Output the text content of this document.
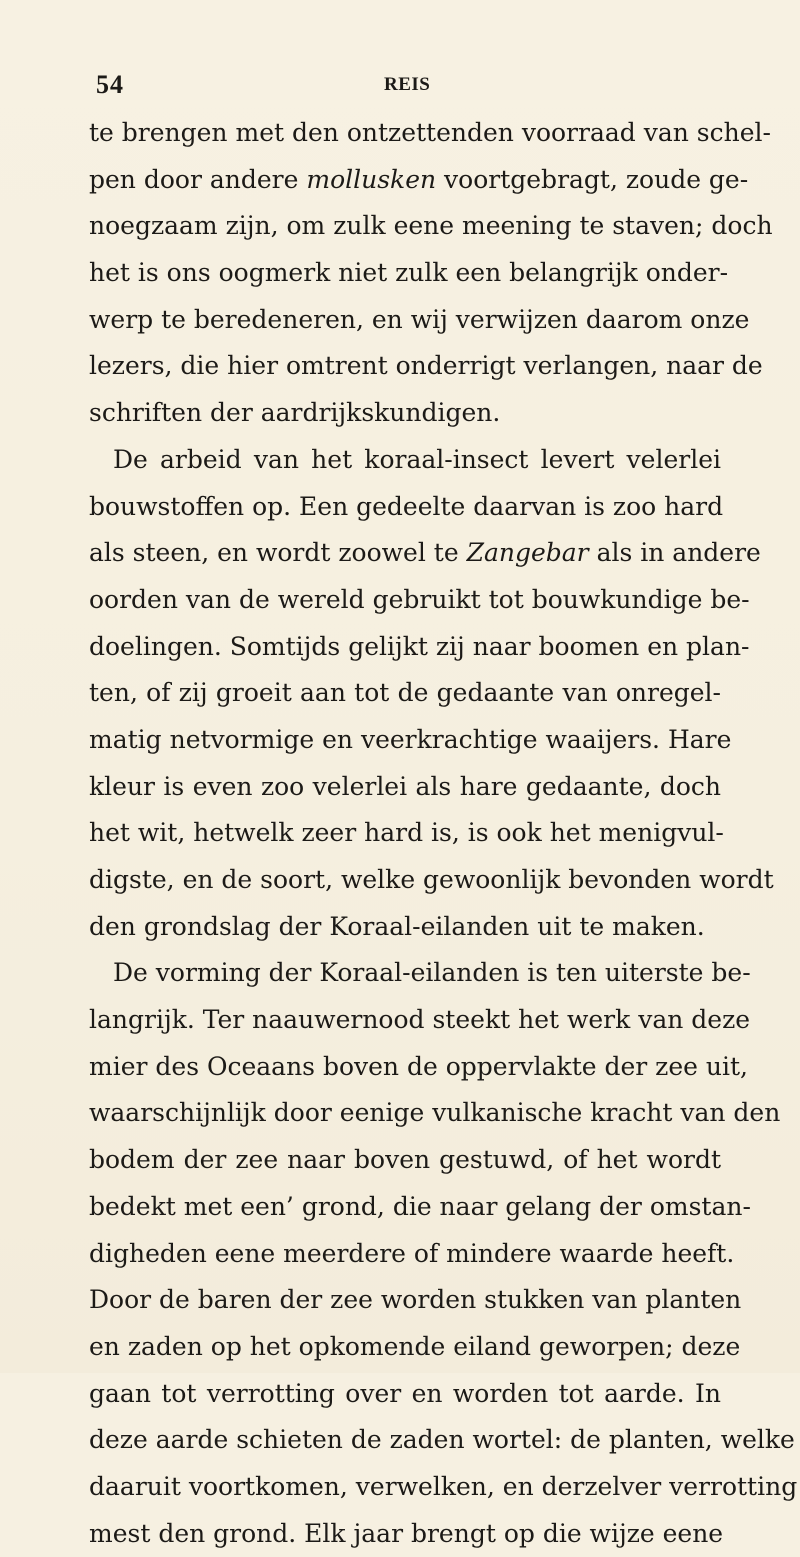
54	REIS
te brengen met den ontzettenden voorraad van schel-
pen door andere mollusken voortgebragt, zoude ge-
noegzaam zijn, om zulk eene meening te staven; doch
het is ons oogmerk niet zulk een belangrijk onder-
werp te beredeneren, en wij verwijzen daarom onze
lezers, die hier omtrent onderrigt verlangen, naar de
schriften der aardrijkskundigen.
De arbeid van het koraal-insect levert velerlei
bouwstoffen op. Een gedeelte daarvan is zoo hard
als steen, en wordt zoowel te Zangebar als in andere
oorden van de wereld gebruikt tot bouwkundige be-
doelingen. Somtijds gelijkt zij naar boomen en plan-
ten, of zij groeit aan tot de gedaante van onregel-
matig netvormige en veerkrachtige waaijers. Hare
kleur is even zoo velerlei als hare gedaante, doch
het wit, hetwelk zeer hard is, is ook het menigvul-
digste, en de soort, welke gewoonlijk bevonden wordt
den grondslag der Koraal-eilanden uit te maken.
De vorming der Koraal-eilanden is ten uiterste be-
langrijk. Ter naauwernood steekt het werk van deze
mier des Oceaans boven de oppervlakte der zee uit,
waarschijnlijk door eenige vulkanische kracht van den
bodem der zee naar boven gestuwd, of het wordt
bedekt met een’ grond, die naar gelang der omstan-
digheden eene meerdere of mindere waarde heeft.
Door de baren der zee worden stukken van planten
en zaden op het opkomende eiland geworpen; deze
gaan tot verrotting over en worden tot aarde. In
deze aarde schieten de zaden wortel: de planten, welke
daaruit voortkomen, verwelken, en derzelver verrotting
mest den grond. Elk jaar brengt op die wijze eene
